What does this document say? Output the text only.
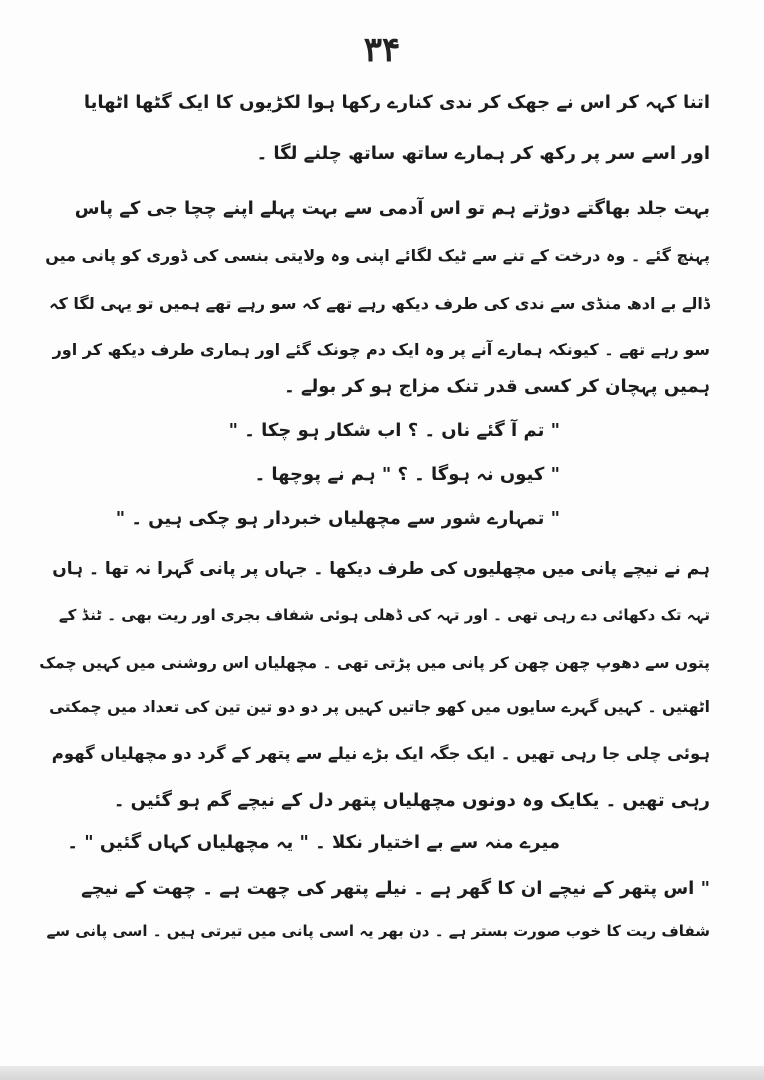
۳۴
اتنا کہہ کر اس نے جھک کر ندی کنارے رکھا ہوا لکڑیوں کا ایک گٹھا اٹھایا
اور اسے سر پر رکھ کر ہمارے ساتھ ساتھ چلنے لگا ۔
بہت جلد بھاگتے دوڑتے ہم تو اس آدمی سے بہت پہلے اپنے چچا جی کے پاس
پہنچ گئے ۔ وہ درخت کے تنے سے ٹیک لگائے اپنی وہ ولایتی بنسی کی ڈوری کو پانی میں
ڈالے بے ادھ منڈی سے ندی کی طرف دیکھ رہے تھے کہ سو رہے تھے ہمیں تو یہی لگا کہ
سو رہے تھے ۔ کیونکہ ہمارے آنے پر وہ ایک دم چونک گئے اور ہماری طرف دیکھ کر اور
ہمیں پہچان کر کسی قدر تنک مزاج ہو کر بولے ۔
" تم آ گئے ناں ۔ ؟ اب شکار ہو چکا ۔ "
" کیوں نہ ہوگا ۔ ؟ " ہم نے پوچھا ۔
" تمہارے شور سے مچھلیاں خبردار ہو چکی ہیں ۔ "
ہم نے نیچے پانی میں مچھلیوں کی طرف دیکھا ۔ جہاں پر پانی گہرا نہ تھا ۔ ہاں
تہہ تک دکھائی دے رہی تھی ۔ اور تہہ کی ڈھلی ہوئی شفاف بجری اور ریت بھی ۔ ٹنڈ کے
پتوں سے دھوپ چھن چھن کر پانی میں پڑتی تھی ۔ مچھلیاں اس روشنی میں کہیں چمک
اٹھتیں ۔ کہیں گہرے سایوں میں کھو جاتیں کہیں پر دو دو تین تین کی تعداد میں چمکتی
ہوئی چلی جا رہی تھیں ۔ ایک جگہ ایک بڑے نیلے سے پتھر کے گرد دو مچھلیاں گھوم
رہی تھیں ۔ یکایک وہ دونوں مچھلیاں پتھر دل کے نیچے گم ہو گئیں ۔
میرے منہ سے بے اختیار نکلا ۔ " یہ مچھلیاں کہاں گئیں " ۔
" اس پتھر کے نیچے ان کا گھر ہے ۔ نیلے پتھر کی چھت ہے ۔ چھت کے نیچے
شفاف ریت کا خوب صورت بستر ہے ۔ دن بھر یہ اسی پانی میں تیرتی ہیں ۔ اسی پانی سے
